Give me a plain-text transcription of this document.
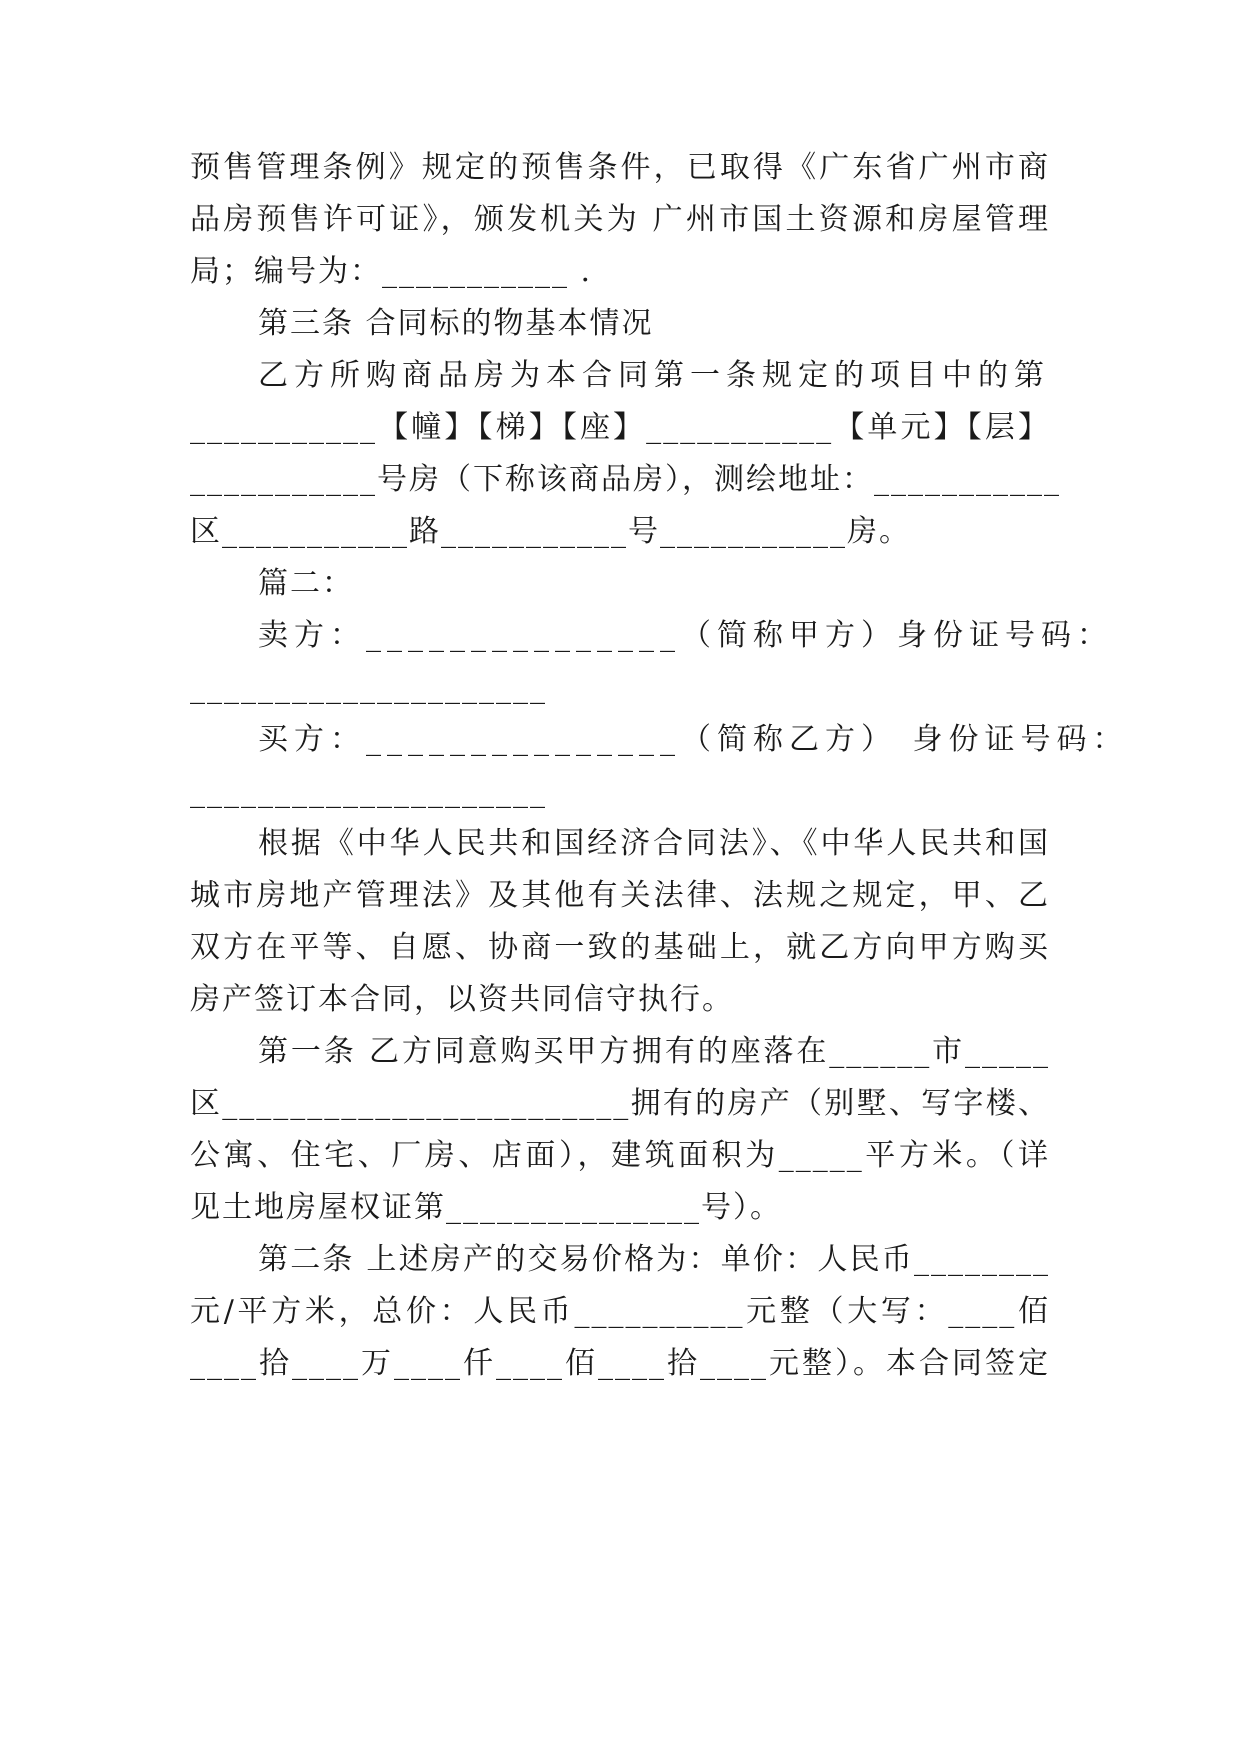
预售管理条例》规定的预售条件，已取得《广东省广州市商
品房预售许可证》，颁发机关为 广州市国土资源和房屋管理
局；编号为：___________ .
第三条 合同标的物基本情况
乙方所购商品房为本合同第一条规定的项目中的第
___________【幢】【梯】【座】___________【单元】【层】
___________号房（下称该商品房），测绘地址：___________
区___________路___________号___________房。
篇二：
卖方：_______________（简称甲方）身份证号码：
_____________________
买方：_______________（简称乙方） 身份证号码：
_____________________
根据《中华人民共和国经济合同法》、《中华人民共和国
城市房地产管理法》及其他有关法律、法规之规定，甲、乙
双方在平等、自愿、协商一致的基础上，就乙方向甲方购买
房产签订本合同，以资共同信守执行。
第一条 乙方同意购买甲方拥有的座落在______市_____
区________________________拥有的房产（别墅、写字楼、
公寓、住宅、厂房、店面），建筑面积为_____平方米。（详
见土地房屋权证第_______________号）。
第二条 上述房产的交易价格为：单价：人民币________
元/平方米，总价：人民币__________元整（大写：____佰
____拾____万____仟____佰____拾____元整）。本合同签定
